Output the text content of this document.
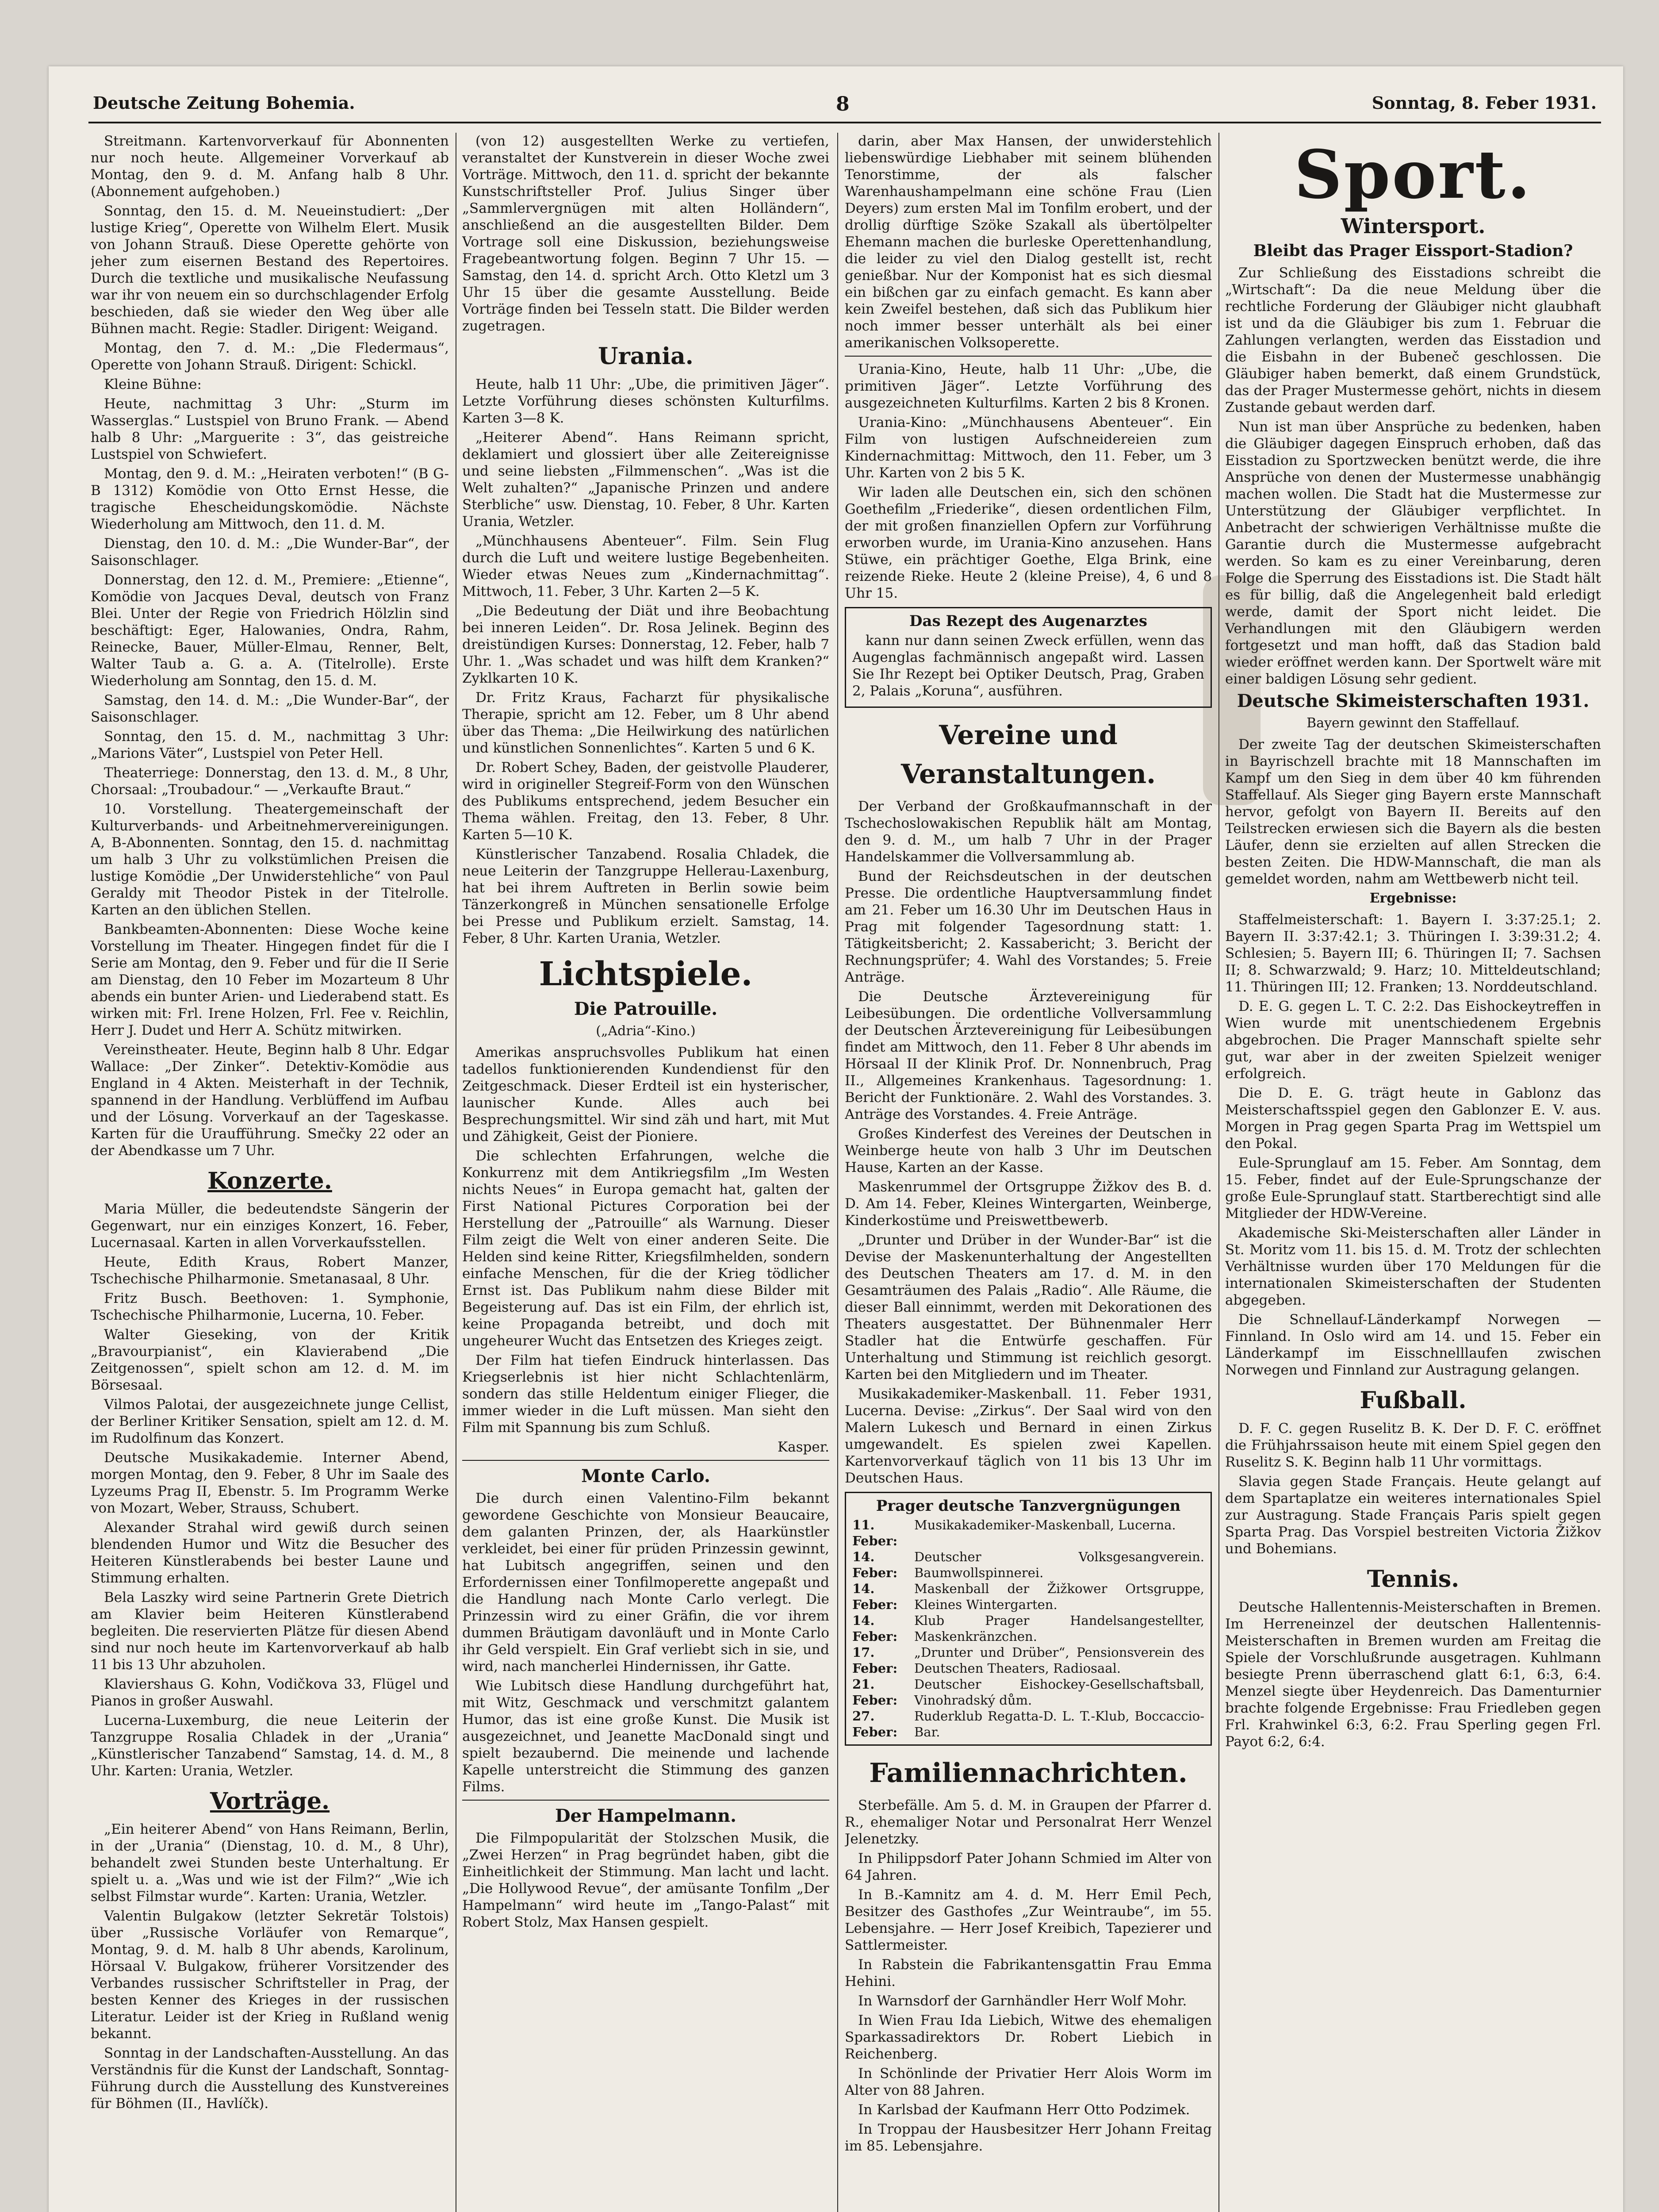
Deutsche Zeitung Bohemia.	8	Sonntag, 8. Feber 1931.

Streitmann. Kartenvorverkauf für Abonnenten nur noch heute. Allgemeiner Vorverkauf ab Montag, den 9. d. M. Anfang halb 8 Uhr. (Abonnement aufgehoben.)

Sonntag, den 15. d. M. Neueinstudiert: „Der lustige Krieg“, Operette von Wilhelm Elert. Musik von Johann Strauß. Diese Operette gehörte von jeher zum eisernen Bestand des Repertoires. Durch die textliche und musikalische Neufassung war ihr von neuem ein so durchschlagender Erfolg beschieden, daß sie wieder den Weg über alle Bühnen macht. Regie: Stadler. Dirigent: Weigand.

Montag, den 7. d. M.: „Die Fledermaus“, Operette von Johann Strauß. Dirigent: Schickl.

Kleine Bühne:

Heute, nachmittag 3 Uhr: „Sturm im Wasserglas.“ Lustspiel von Bruno Frank. — Abend halb 8 Uhr: „Marguerite : 3“, das geistreiche Lustspiel von Schwiefert.

Montag, den 9. d. M.: „Heiraten verboten!“ (B G-B 1312) Komödie von Otto Ernst Hesse, die tragische Ehescheidungskomödie. Nächste Wiederholung am Mittwoch, den 11. d. M.

Dienstag, den 10. d. M.: „Die Wunder-Bar“, der Saisonschlager.

Donnerstag, den 12. d. M., Premiere: „Etienne“, Komödie von Jacques Deval, deutsch von Franz Blei. Unter der Regie von Friedrich Hölzlin sind beschäftigt: Eger, Halowanies, Ondra, Rahm, Reinecke, Bauer, Müller-Elmau, Renner, Belt, Walter Taub a. G. a. A. (Titelrolle). Erste Wiederholung am Sonntag, den 15. d. M.

Samstag, den 14. d. M.: „Die Wunder-Bar“, der Saisonschlager.

Sonntag, den 15. d. M., nachmittag 3 Uhr: „Marions Väter“, Lustspiel von Peter Hell.

Theaterriege: Donnerstag, den 13. d. M., 8 Uhr, Chorsaal: „Troubadour.“ — „Verkaufte Braut.“

10. Vorstellung. Theatergemeinschaft der Kulturverbands- und Arbeitnehmervereinigungen. A, B-Abonnenten. Sonntag, den 15. d. nachmittag um halb 3 Uhr zu volkstümlichen Preisen die lustige Komödie „Der Unwiderstehliche“ von Paul Geraldy mit Theodor Pistek in der Titelrolle. Karten an den üblichen Stellen.

Bankbeamten-Abonnenten: Diese Woche keine Vorstellung im Theater. Hingegen findet für die I Serie am Montag, den 9. Feber und für die II Serie am Dienstag, den 10 Feber im Mozarteum 8 Uhr abends ein bunter Arien- und Liederabend statt. Es wirken mit: Frl. Irene Holzen, Frl. Fee v. Reichlin, Herr J. Dudet und Herr A. Schütz mitwirken.

Vereinstheater. Heute, Beginn halb 8 Uhr. Edgar Wallace: „Der Zinker“. Detektiv-Komödie aus England in 4 Akten. Meisterhaft in der Technik, spannend in der Handlung. Verblüffend im Aufbau und der Lösung. Vorverkauf an der Tageskasse. Karten für die Uraufführung. Smečky 22 oder an der Abendkasse um 7 Uhr.

Konzerte.

Maria Müller, die bedeutendste Sängerin der Gegenwart, nur ein einziges Konzert, 16. Feber, Lucernasaal. Karten in allen Vorverkaufsstellen.

Heute, Edith Kraus, Robert Manzer, Tschechische Philharmonie. Smetanasaal, 8 Uhr.

Fritz Busch. Beethoven: 1. Symphonie, Tschechische Philharmonie, Lucerna, 10. Feber.

Walter Gieseking, von der Kritik „Bravourpianist“, ein Klavierabend „Die Zeitgenossen“, spielt schon am 12. d. M. im Börsesaal.

Vilmos Palotai, der ausgezeichnete junge Cellist, der Berliner Kritiker Sensation, spielt am 12. d. M. im Rudolfinum das Konzert.

Deutsche Musikakademie. Interner Abend, morgen Montag, den 9. Feber, 8 Uhr im Saale des Lyzeums Prag II, Ebenstr. 5. Im Programm Werke von Mozart, Weber, Strauss, Schubert.

Alexander Strahal wird gewiß durch seinen blendenden Humor und Witz die Besucher des Heiteren Künstlerabends bei bester Laune und Stimmung erhalten.

Bela Laszky wird seine Partnerin Grete Dietrich am Klavier beim Heiteren Künstlerabend begleiten. Die reservierten Plätze für diesen Abend sind nur noch heute im Kartenvorverkauf ab halb 11 bis 13 Uhr abzuholen.

Klaviershaus G. Kohn, Vodičkova 33, Flügel und Pianos in großer Auswahl.

Lucerna-Luxemburg, die neue Leiterin der Tanzgruppe Rosalia Chladek in der „Urania“ „Künstlerischer Tanzabend“ Samstag, 14. d. M., 8 Uhr. Karten: Urania, Wetzler.

Vorträge.

„Ein heiterer Abend“ von Hans Reimann, Berlin, in der „Urania“ (Dienstag, 10. d. M., 8 Uhr), behandelt zwei Stunden beste Unterhaltung. Er spielt u. a. „Was und wie ist der Film?“ „Wie ich selbst Filmstar wurde“. Karten: Urania, Wetzler.

Valentin Bulgakow (letzter Sekretär Tolstois) über „Russische Vorläufer von Remarque“, Montag, 9. d. M. halb 8 Uhr abends, Karolinum, Hörsaal V. Bulgakow, früherer Vorsitzender des Verbandes russischer Schriftsteller in Prag, der besten Kenner des Krieges in der russischen Literatur. Leider ist der Krieg in Rußland wenig bekannt.

Sonntag in der Landschaften-Ausstellung. An das Verständnis für die Kunst der Landschaft, Sonntag-Führung durch die Ausstellung des Kunstvereines für Böhmen (II., Havlíčk).

(von 12) ausgestellten Werke zu vertiefen, veranstaltet der Kunstverein in dieser Woche zwei Vorträge. Mittwoch, den 11. d. spricht der bekannte Kunstschriftsteller Prof. Julius Singer über „Sammlervergnügen mit alten Holländern“, anschließend an die ausgestellten Bilder. Dem Vortrage soll eine Diskussion, beziehungsweise Fragebeantwortung folgen. Beginn 7 Uhr 15. — Samstag, den 14. d. spricht Arch. Otto Kletzl um 3 Uhr 15 über die gesamte Ausstellung. Beide Vorträge finden bei Tesseln statt. Die Bilder werden zugetragen.

Urania.

Heute, halb 11 Uhr: „Ube, die primitiven Jäger“. Letzte Vorführung dieses schönsten Kulturfilms. Karten 3—8 K.

„Heiterer Abend“. Hans Reimann spricht, deklamiert und glossiert über alle Zeitereignisse und seine liebsten „Filmmenschen“. „Was ist die Welt zuhalten?“ „Japanische Prinzen und andere Sterbliche“ usw. Dienstag, 10. Feber, 8 Uhr. Karten Urania, Wetzler.

„Münchhausens Abenteuer“. Film. Sein Flug durch die Luft und weitere lustige Begebenheiten. Wieder etwas Neues zum „Kindernachmittag“. Mittwoch, 11. Feber, 3 Uhr. Karten 2—5 K.

„Die Bedeutung der Diät und ihre Beobachtung bei inneren Leiden“. Dr. Rosa Jelinek. Beginn des dreistündigen Kurses: Donnerstag, 12. Feber, halb 7 Uhr. 1. „Was schadet und was hilft dem Kranken?“ Zyklkarten 10 K.

Dr. Fritz Kraus, Facharzt für physikalische Therapie, spricht am 12. Feber, um 8 Uhr abend über das Thema: „Die Heilwirkung des natürlichen und künstlichen Sonnenlichtes“. Karten 5 und 6 K.

Dr. Robert Schey, Baden, der geistvolle Plauderer, wird in origineller Stegreif-Form von den Wünschen des Publikums entsprechend, jedem Besucher ein Thema wählen. Freitag, den 13. Feber, 8 Uhr. Karten 5—10 K.

Künstlerischer Tanzabend. Rosalia Chladek, die neue Leiterin der Tanzgruppe Hellerau-Laxenburg, hat bei ihrem Auftreten in Berlin sowie beim Tänzerkongreß in München sensationelle Erfolge bei Presse und Publikum erzielt. Samstag, 14. Feber, 8 Uhr. Karten Urania, Wetzler.

Lichtspiele.
Die Patrouille.
(„Adria“-Kino.)

Amerikas anspruchsvolles Publikum hat einen tadellos funktionierenden Kundendienst für den Zeitgeschmack. Dieser Erdteil ist ein hysterischer, launischer Kunde. Alles auch bei Besprechungsmittel. Wir sind zäh und hart, mit Mut und Zähigkeit, Geist der Pioniere.

Die schlechten Erfahrungen, welche die Konkurrenz mit dem Antikriegsfilm „Im Westen nichts Neues“ in Europa gemacht hat, galten der First National Pictures Corporation bei der Herstellung der „Patrouille“ als Warnung. Dieser Film zeigt die Welt von einer anderen Seite. Die Helden sind keine Ritter, Kriegsfilmhelden, sondern einfache Menschen, für die der Krieg tödlicher Ernst ist. Das Publikum nahm diese Bilder mit Begeisterung auf. Das ist ein Film, der ehrlich ist, keine Propaganda betreibt, und doch mit ungeheurer Wucht das Entsetzen des Krieges zeigt.

Der Film hat tiefen Eindruck hinterlassen. Das Kriegserlebnis ist hier nicht Schlachtenlärm, sondern das stille Heldentum einiger Flieger, die immer wieder in die Luft müssen. Man sieht den Film mit Spannung bis zum Schluß.

Kasper.

Monte Carlo.

Die durch einen Valentino-Film bekannt gewordene Geschichte von Monsieur Beaucaire, dem galanten Prinzen, der, als Haarkünstler verkleidet, bei einer für prüden Prinzessin gewinnt, hat Lubitsch angegriffen, seinen und den Erfordernissen einer Tonfilmoperette angepaßt und die Handlung nach Monte Carlo verlegt. Die Prinzessin wird zu einer Gräfin, die vor ihrem dummen Bräutigam davonläuft und in Monte Carlo ihr Geld verspielt. Ein Graf verliebt sich in sie, und wird, nach mancherlei Hindernissen, ihr Gatte.

Wie Lubitsch diese Handlung durchgeführt hat, mit Witz, Geschmack und verschmitzt galantem Humor, das ist eine große Kunst. Die Musik ist ausgezeichnet, und Jeanette MacDonald singt und spielt bezaubernd. Die meinende und lachende Kapelle unterstreicht die Stimmung des ganzen Films.

Der Hampelmann.

Die Filmpopularität der Stolzschen Musik, die „Zwei Herzen“ in Prag begründet haben, gibt die Einheitlichkeit der Stimmung. Man lacht und lacht. „Die Hollywood Revue“, der amüsante Tonfilm „Der Hampelmann“ wird heute im „Tango-Palast“ mit Robert Stolz, Max Hansen gespielt.

darin, aber Max Hansen, der unwiderstehlich liebenswürdige Liebhaber mit seinem blühenden Tenorstimme, der als falscher Warenhaushampelmann eine schöne Frau (Lien Deyers) zum ersten Mal im Tonfilm erobert, und der drollig dürftige Szöke Szakall als übertölpelter Ehemann machen die burleske Operettenhandlung, die leider zu viel den Dialog gestellt ist, recht genießbar. Nur der Komponist hat es sich diesmal ein bißchen gar zu einfach gemacht. Es kann aber kein Zweifel bestehen, daß sich das Publikum hier noch immer besser unterhält als bei einer amerikanischen Volksoperette.

Urania-Kino, Heute, halb 11 Uhr: „Ube, die primitiven Jäger“. Letzte Vorführung des ausgezeichneten Kulturfilms. Karten 2 bis 8 Kronen.

Urania-Kino: „Münchhausens Abenteuer“. Ein Film von lustigen Aufschneidereien zum Kindernachmittag: Mittwoch, den 11. Feber, um 3 Uhr. Karten von 2 bis 5 K.

Wir laden alle Deutschen ein, sich den schönen Goethefilm „Friederike“, diesen ordentlichen Film, der mit großen finanziellen Opfern zur Vorführung erworben wurde, im Urania-Kino anzusehen. Hans Stüwe, ein prächtiger Goethe, Elga Brink, eine reizende Rieke. Heute 2 (kleine Preise), 4, 6 und 8 Uhr 15.

Das Rezept des Augenarztes

kann nur dann seinen Zweck erfüllen, wenn das Augenglas fachmännisch angepaßt wird. Lassen Sie Ihr Rezept bei Optiker Deutsch, Prag, Graben 2, Palais „Koruna“, ausführen.

Vereine und Veranstaltungen.

Der Verband der Großkaufmannschaft in der Tschechoslowakischen Republik hält am Montag, den 9. d. M., um halb 7 Uhr in der Prager Handelskammer die Vollversammlung ab.

Bund der Reichsdeutschen in der deutschen Presse. Die ordentliche Hauptversammlung findet am 21. Feber um 16.30 Uhr im Deutschen Haus in Prag mit folgender Tagesordnung statt: 1. Tätigkeitsbericht; 2. Kassabericht; 3. Bericht der Rechnungsprüfer; 4. Wahl des Vorstandes; 5. Freie Anträge.

Die Deutsche Ärztevereinigung für Leibesübungen. Die ordentliche Vollversammlung der Deutschen Ärztevereinigung für Leibesübungen findet am Mittwoch, den 11. Feber 8 Uhr abends im Hörsaal II der Klinik Prof. Dr. Nonnenbruch, Prag II., Allgemeines Krankenhaus. Tagesordnung: 1. Bericht der Funktionäre. 2. Wahl des Vorstandes. 3. Anträge des Vorstandes. 4. Freie Anträge.

Großes Kinderfest des Vereines der Deutschen in Weinberge heute von halb 3 Uhr im Deutschen Hause, Karten an der Kasse.

Maskenrummel der Ortsgruppe Žižkov des B. d. D. Am 14. Feber, Kleines Wintergarten, Weinberge, Kinderkostüme und Preiswettbewerb.

„Drunter und Drüber in der Wunder-Bar“ ist die Devise der Maskenunterhaltung der Angestellten des Deutschen Theaters am 17. d. M. in den Gesamträumen des Palais „Radio“. Alle Räume, die dieser Ball einnimmt, werden mit Dekorationen des Theaters ausgestattet. Der Bühnenmaler Herr Stadler hat die Entwürfe geschaffen. Für Unterhaltung und Stimmung ist reichlich gesorgt. Karten bei den Mitgliedern und im Theater.

Musikakademiker-Maskenball. 11. Feber 1931, Lucerna. Devise: „Zirkus“. Der Saal wird von den Malern Lukesch und Bernard in einen Zirkus umgewandelt. Es spielen zwei Kapellen. Kartenvorverkauf täglich von 11 bis 13 Uhr im Deutschen Haus.

Prager deutsche Tanzvergnügungen

11. Feber:
Musikakademiker-Maskenball, Lucerna.
14. Feber:
Deutscher Volksgesangverein. Baumwollspinnerei.
14. Feber:
Maskenball der Žižkower Ortsgruppe, Kleines Wintergarten.
14. Feber:
Klub Prager Handelsangestellter, Maskenkränzchen.
17. Feber:
„Drunter und Drüber“, Pensionsverein des Deutschen Theaters, Radiosaal.
21. Feber:
Deutscher Eishockey-Gesellschaftsball, Vinohradský dům.
27. Feber:
Ruderklub Regatta-D. L. T.-Klub, Boccaccio-Bar.
Familiennachrichten.

Sterbefälle. Am 5. d. M. in Graupen der Pfarrer d. R., ehemaliger Notar und Personalrat Herr Wenzel Jelenetzky.

In Philippsdorf Pater Johann Schmied im Alter von 64 Jahren.

In B.-Kamnitz am 4. d. M. Herr Emil Pech, Besitzer des Gasthofes „Zur Weintraube“, im 55. Lebensjahre. — Herr Josef Kreibich, Tapezierer und Sattlermeister.

In Rabstein die Fabrikantensgattin Frau Emma Hehini.

In Warnsdorf der Garnhändler Herr Wolf Mohr.

In Wien Frau Ida Liebich, Witwe des ehemaligen Sparkassadirektors Dr. Robert Liebich in Reichenberg.

In Schönlinde der Privatier Herr Alois Worm im Alter von 88 Jahren.

In Karlsbad der Kaufmann Herr Otto Podzimek.

In Troppau der Hausbesitzer Herr Johann Freitag im 85. Lebensjahre.

Sport.
Wintersport.
Bleibt das Prager Eissport-Stadion?

Zur Schließung des Eisstadions schreibt die „Wirtschaft“: Da die neue Meldung über die rechtliche Forderung der Gläubiger nicht glaubhaft ist und da die Gläubiger bis zum 1. Februar die Zahlungen verlangten, werden das Eisstadion und die Eisbahn in der Bubeneč geschlossen. Die Gläubiger haben bemerkt, daß einem Grundstück, das der Prager Mustermesse gehört, nichts in diesem Zustande gebaut werden darf.

Nun ist man über Ansprüche zu bedenken, haben die Gläubiger dagegen Einspruch erhoben, daß das Eisstadion zu Sportzwecken benützt werde, die ihre Ansprüche von denen der Mustermesse unabhängig machen wollen. Die Stadt hat die Mustermesse zur Unterstützung der Gläubiger verpflichtet. In Anbetracht der schwierigen Verhältnisse mußte die Garantie durch die Mustermesse aufgebracht werden. So kam es zu einer Vereinbarung, deren Folge die Sperrung des Eisstadions ist. Die Stadt hält es für billig, daß die Angelegenheit bald erledigt werde, damit der Sport nicht leidet. Die Verhandlungen mit den Gläubigern werden fortgesetzt und man hofft, daß das Stadion bald wieder eröffnet werden kann. Der Sportwelt wäre mit einer baldigen Lösung sehr gedient.

Deutsche Skimeisterschaften 1931.
Bayern gewinnt den Staffellauf.

Der zweite Tag der deutschen Skimeisterschaften in Bayrischzell brachte mit 18 Mannschaften im Kampf um den Sieg in dem über 40 km führenden Staffellauf. Als Sieger ging Bayern erste Mannschaft hervor, gefolgt von Bayern II. Bereits auf den Teilstrecken erwiesen sich die Bayern als die besten Läufer, denn sie erzielten auf allen Strecken die besten Zeiten. Die HDW-Mannschaft, die man als gemeldet worden, nahm am Wettbewerb nicht teil.

Ergebnisse:

Staffelmeisterschaft: 1. Bayern I. 3:37:25.1; 2. Bayern II. 3:37:42.1; 3. Thüringen I. 3:39:31.2; 4. Schlesien; 5. Bayern III; 6. Thüringen II; 7. Sachsen II; 8. Schwarzwald; 9. Harz; 10. Mitteldeutschland; 11. Thüringen III; 12. Franken; 13. Norddeutschland.

D. E. G. gegen L. T. C. 2:2. Das Eishockeytreffen in Wien wurde mit unentschiedenem Ergebnis abgebrochen. Die Prager Mannschaft spielte sehr gut, war aber in der zweiten Spielzeit weniger erfolgreich.

Die D. E. G. trägt heute in Gablonz das Meisterschaftsspiel gegen den Gablonzer E. V. aus. Morgen in Prag gegen Sparta Prag im Wettspiel um den Pokal.

Eule-Sprunglauf am 15. Feber. Am Sonntag, dem 15. Feber, findet auf der Eule-Sprungschanze der große Eule-Sprunglauf statt. Startberechtigt sind alle Mitglieder der HDW-Vereine.

Akademische Ski-Meisterschaften aller Länder in St. Moritz vom 11. bis 15. d. M. Trotz der schlechten Verhältnisse wurden über 170 Meldungen für die internationalen Skimeisterschaften der Studenten abgegeben.

Die Schnellauf-Länderkampf Norwegen — Finnland. In Oslo wird am 14. und 15. Feber ein Länderkampf im Eisschnelllaufen zwischen Norwegen und Finnland zur Austragung gelangen.

Fußball.

D. F. C. gegen Ruselitz B. K. Der D. F. C. eröffnet die Frühjahrssaison heute mit einem Spiel gegen den Ruselitz S. K. Beginn halb 11 Uhr vormittags.

Slavia gegen Stade Français. Heute gelangt auf dem Spartaplatze ein weiteres internationales Spiel zur Austragung. Stade Français Paris spielt gegen Sparta Prag. Das Vorspiel bestreiten Victoria Žižkov und Bohemians.

Tennis.

Deutsche Hallentennis-Meisterschaften in Bremen. Im Herreneinzel der deutschen Hallentennis-Meisterschaften in Bremen wurden am Freitag die Spiele der Vorschlußrunde ausgetragen. Kuhlmann besiegte Prenn überraschend glatt 6:1, 6:3, 6:4. Menzel siegte über Heydenreich. Das Damenturnier brachte folgende Ergebnisse: Frau Friedleben gegen Frl. Krahwinkel 6:3, 6:2. Frau Sperling gegen Frl. Payot 6:2, 6:4.
